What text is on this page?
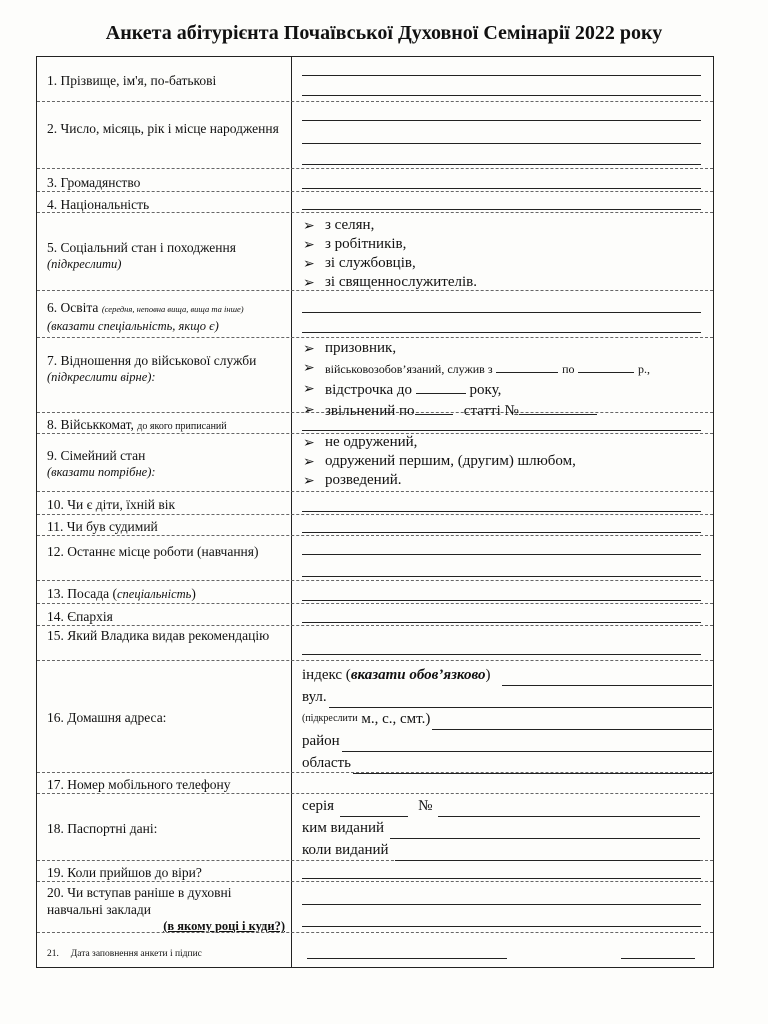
Анкета абітурієнта Почаївської Духовної Семінарії 2022 року
1. Прізвище, ім'я, по-батькові
2. Число, місяць, рік і місце народження
3. Громадянство
4. Національність
5. Соціальний стан і походження
(підкреслити)
➢ з селян,
➢ з робітників,
➢ зі службовців,
➢ зі священнослужителів.
6. Освіта (середня, неповна вища, вища та інше)
(вказати спеціальність, якщо є)
7. Відношення до військової служби
(підкреслити вірне):
➢ призовник,
➢ військовозобов’язаний, служив з	по	р.,
➢ відстрочка до	року,
➢ звільнений по	статті №
8. Військкомат, до якого приписаний
9. Сімейний стан
(вказати потрібне):
➢ не одружений,
➢ одружений першим, (другим) шлюбом,
➢ розведений.
10. Чи є діти, їхній вік
11. Чи був судимий
12. Останнє місце роботи (навчання)
13. Посада (спеціальність)
14. Єпархія
15. Який Владика видав рекомендацію
16. Домашня адреса:
індекс ( вказати обов’язково )
вул.
(підкреслити
м., с., смт.)
район
область
17. Номер мобільного телефону
18. Паспортні дані:
серія	№
ким виданий
коли виданий
19. Коли прийшов до віри?
20. Чи вступав раніше в духовні навчальні заклади
(в якому році і куди?)
21. Дата заповнення анкети і підпис
